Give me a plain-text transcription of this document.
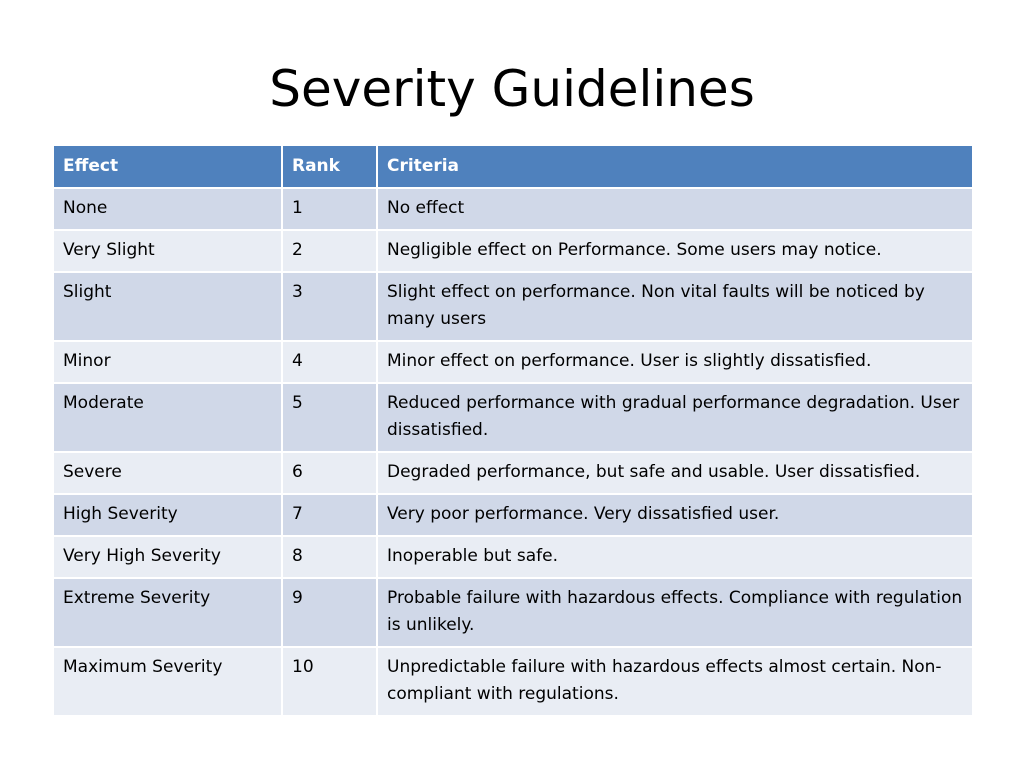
Severity Guidelines
Effect	Rank	Criteria
None	1	No effect
Very Slight	2	Negligible effect on Performance. Some users may notice.
Slight	3	Slight effect on performance. Non vital faults will be noticed by many users
Minor	4	Minor effect on performance. User is slightly dissatisfied.
Moderate	5	Reduced performance with gradual performance degradation. User dissatisfied.
Severe	6	Degraded performance, but safe and usable. User dissatisfied.
High Severity	7	Very poor performance. Very dissatisfied user.
Very High Severity	8	Inoperable but safe.
Extreme Severity	9	Probable failure with hazardous effects. Compliance with regulation is unlikely.
Maximum Severity	10	Unpredictable failure with hazardous effects almost certain. Non-compliant with regulations.
